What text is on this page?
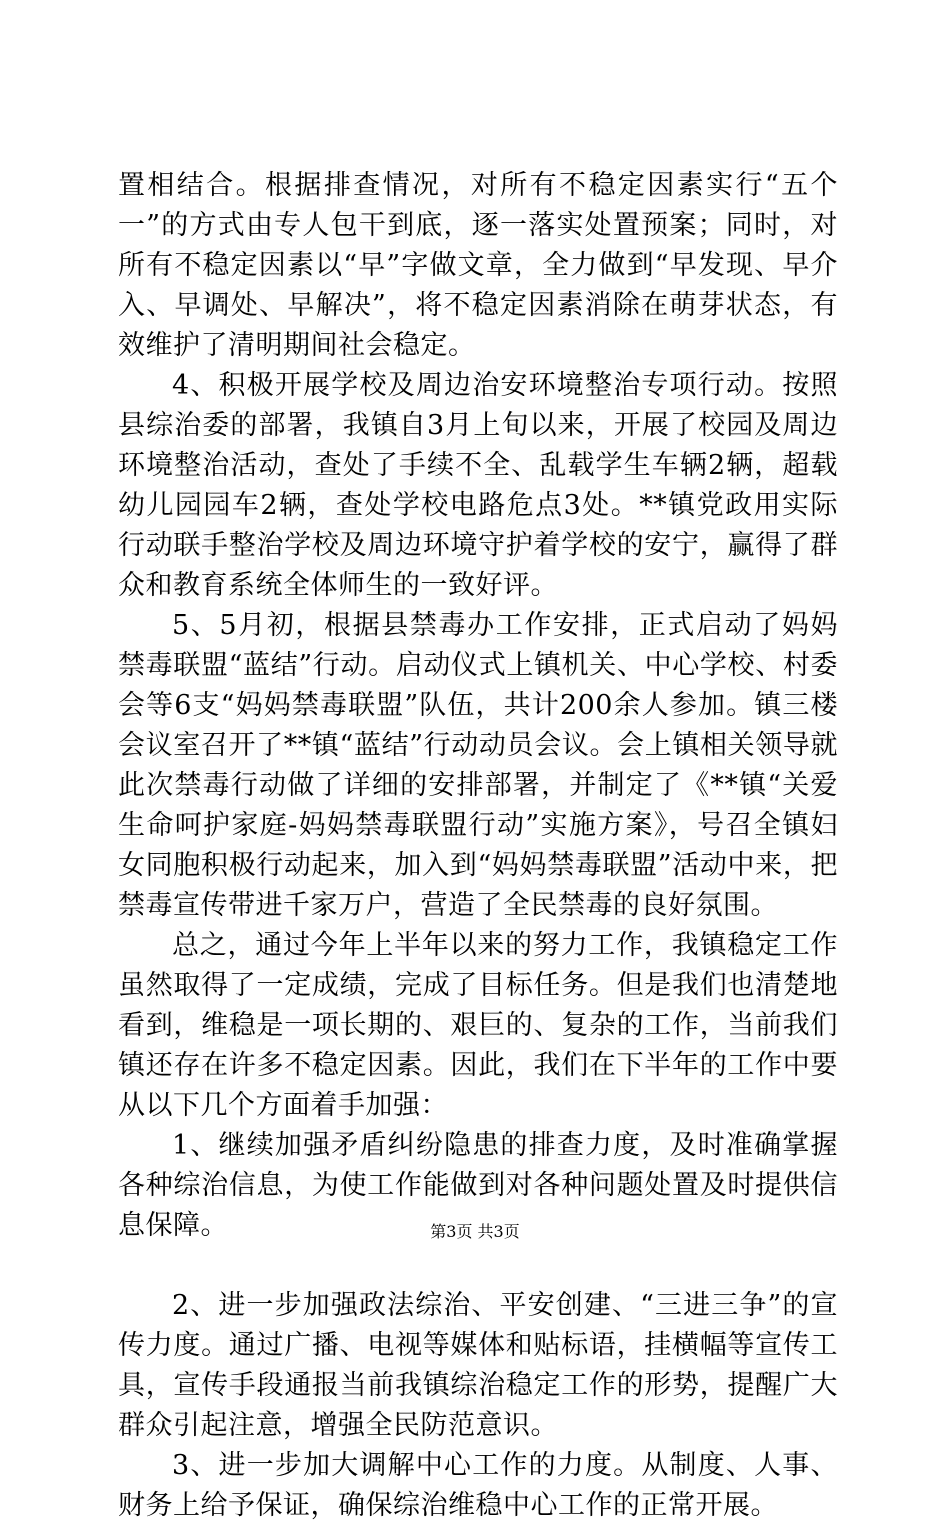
置相结合。根据排查情况，对所有不稳定因素实行“五个一”的方式由专人包干到底，逐一落实处置预案；同时，对所有不稳定因素以“早”字做文章，全力做到“早发现、早介入、早调处、早解决”，将不稳定因素消除在萌芽状态，有效维护了清明期间社会稳定。

4、积极开展学校及周边治安环境整治专项行动。按照县综治委的部署，我镇自3月上旬以来，开展了校园及周边环境整治活动，查处了手续不全、乱载学生车辆2辆，超载幼儿园园车2辆，查处学校电路危点3处。**镇党政用实际行动联手整治学校及周边环境守护着学校的安宁，赢得了群众和教育系统全体师生的一致好评。

5、5月初，根据县禁毒办工作安排，正式启动了妈妈禁毒联盟“蓝结”行动。启动仪式上镇机关、中心学校、村委会等6支“妈妈禁毒联盟”队伍，共计200余人参加。镇三楼会议室召开了**镇“蓝结”行动动员会议。会上镇相关领导就此次禁毒行动做了详细的安排部署，并制定了《**镇“关爱生命呵护家庭-妈妈禁毒联盟行动”实施方案》，号召全镇妇女同胞积极行动起来，加入到“妈妈禁毒联盟”活动中来，把禁毒宣传带进千家万户，营造了全民禁毒的良好氛围。

总之，通过今年上半年以来的努力工作，我镇稳定工作虽然取得了一定成绩，完成了目标任务。但是我们也清楚地看到，维稳是一项长期的、艰巨的、复杂的工作，当前我们镇还存在许多不稳定因素。因此，我们在下半年的工作中要从以下几个方面着手加强：

1、继续加强矛盾纠纷隐患的排查力度，及时准确掌握各种综治信息，为使工作能做到对各种问题处置及时提供信息保障。

2、进一步加强政法综治、平安创建、“三进三争”的宣传力度。通过广播、电视等媒体和贴标语，挂横幅等宣传工具，宣传手段通报当前我镇综治稳定工作的形势，提醒广大群众引起注意，增强全民防范意识。

3、进一步加大调解中心工作的力度。从制度、人事、财务上给予保证，确保综治维稳中心工作的正常开展。

第3页 共3页
